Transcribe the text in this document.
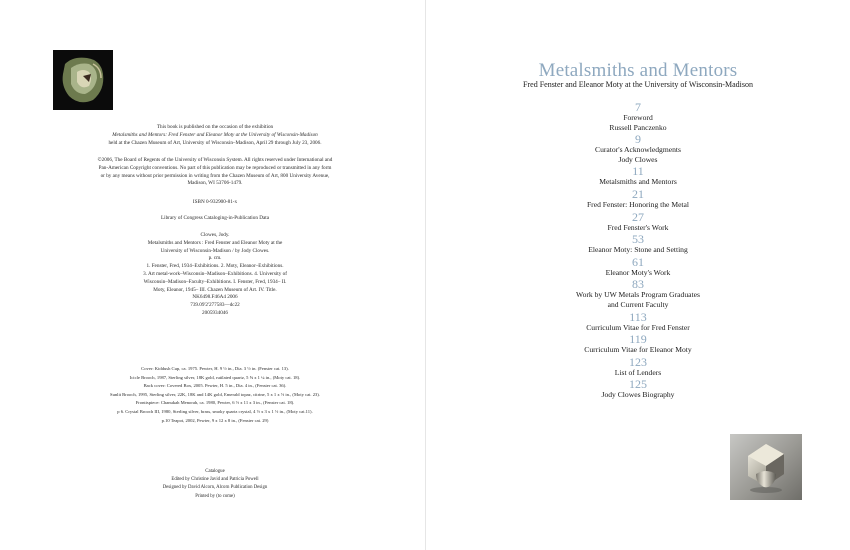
This book is published on the occasion of the exhibition

Metalsmiths and Mentors: Fred Fenster and Eleanor Moty at the University of Wisconsin-Madison

held at the Chazen Museum of Art, University of Wisconsin–Madison, April 29 through July 23, 2006.

©2006, The Board of Regents of the University of Wisconsin System. All rights reserved under International and

Pan-American Copyright conventions. No part of this publication may be reproduced or transmitted in any form

or by any means without prior permission in writing from the Chazen Museum of Art, 800 University Avenue,

Madison, WI 53706-1479.

ISBN 0-932900-81-x

Library of Congress Cataloging-in-Publication Data

Clowes, Jody.

Metalsmiths and Mentors : Fred Fenster and Eleanor Moty at the

University of Wisconsin-Madison / by Jody Clowes.

p. cm.

1. Fenster, Fred, 1934–Exhibitions. 2. Moty, Eleanor–Exhibitions.

3. Art metal-work–Wisconsin–Madison–Exhibitions. 4. University of

Wisconsin–Madison–Faculty–Exhibitions. I. Fenster, Fred, 1934– II.

Moty, Eleanor, 1945– III. Chazen Museum of Art. IV. Title.

NK6498.F46A4 2006

739.09'2'277583—dc22

2005934046

Cover: Kiddush Cup, ca. 1975. Pewter, H. 9 ½ in., Dia. 3 ½ in. (Fenster cat. 13).

Icicle Brooch, 1987, Sterling silver, 18K gold, rutilated quartz, 5 ⅝ x 1 ¼ in., (Moty cat. 18).

Back cover: Covered Box, 2005. Pewter, H. 5 in., Dia. 4 in., (Fenster cat. 36).

Sunlit Brooch, 1995, Sterling silver, 22K, 18K and 14K gold, Emerald topaz, citrine, 5 x 1 x ½ in., (Moty cat. 23).

Frontispiece: Chanukah Menorah, ca. 1980, Pewter, 6 ½ x 11 x 3 in., (Fenster cat. 18).

p 6. Crystal Brooch III, 1980, Sterling silver, brass, smoky quartz crystal, 4 ½ x 3 x 1 ½ in., (Moty cat.11).

p.10 Teapot, 2002, Pewter, 9 x 12 x 8 in., (Fenster cat. 29)

Catalogue

Edited by Christine Javid and Patricia Powell

Designed by David Alcorn, Alcorn Publication Design

Printed by (to come)

Metalsmiths and Mentors
Fred Fenster and Eleanor Moty at the University of Wisconsin-Madison
7
Foreword
Russell Panczenko
9
Curator's Acknowledgments
Jody Clowes
11
Metalsmiths and Mentors
21
Fred Fenster: Honoring the Metal
27
Fred Fenster's Work
53
Eleanor Moty: Stone and Setting
61
Eleanor Moty's Work
83
Work by UW Metals Program Graduates
and Current Faculty
113
Curriculum Vitae for Fred Fenster
119
Curriculum Vitae for Eleanor Moty
123
List of Lenders
125
Jody Clowes Biography
